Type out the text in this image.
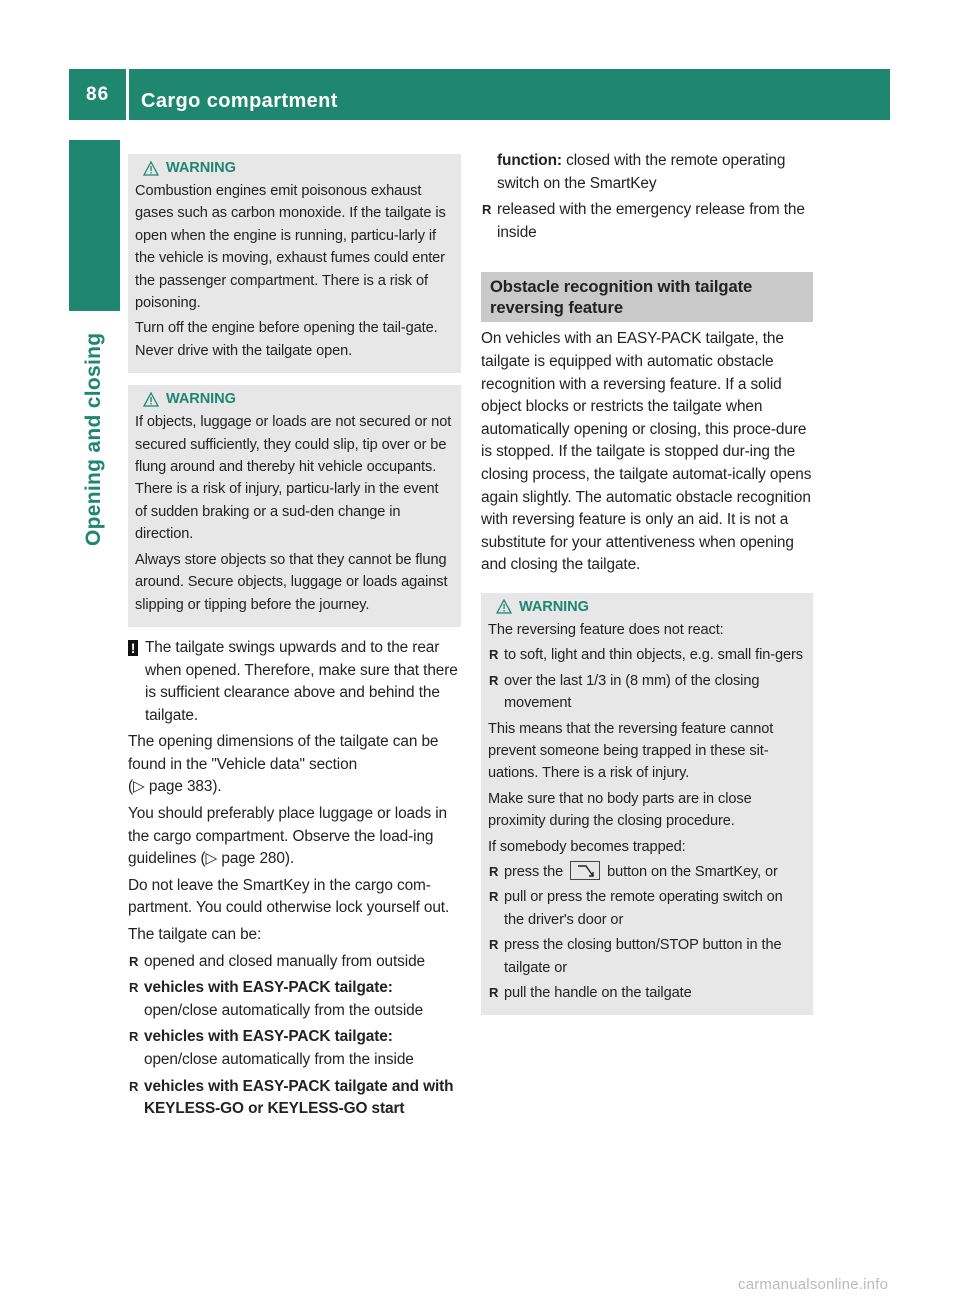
86	Cargo compartment
Opening and closing
WARNING

Combustion engines emit poisonous exhaust gases such as carbon monoxide. If the tailgate is open when the engine is running, particu-larly if the vehicle is moving, exhaust fumes could enter the passenger compartment. There is a risk of poisoning.

Turn off the engine before opening the tail-gate. Never drive with the tailgate open.

WARNING

If objects, luggage or loads are not secured or not secured sufficiently, they could slip, tip over or be flung around and thereby hit vehicle occupants. There is a risk of injury, particu-larly in the event of sudden braking or a sud-den change in direction.

Always store objects so that they cannot be flung around. Secure objects, luggage or loads against slipping or tipping before the journey.

! The tailgate swings upwards and to the rear when opened. Therefore, make sure that there is sufficient clearance above and behind the tailgate.

The opening dimensions of the tailgate can be found in the "Vehicle data" section
(▷ page 383).

You should preferably place luggage or loads in the cargo compartment. Observe the load-ing guidelines (▷ page 280).

Do not leave the SmartKey in the cargo com-partment. You could otherwise lock yourself out.

The tailgate can be:

R opened and closed manually from outside
R vehicles with EASY-PACK tailgate:
open/close automatically from the outside
R vehicles with EASY-PACK tailgate:
open/close automatically from the inside
R vehicles with EASY-PACK tailgate and with KEYLESS-GO or KEYLESS-GO start

function: closed with the remote operating switch on the SmartKey

R released with the emergency release from the inside
Obstacle recognition with tailgate reversing feature

On vehicles with an EASY-PACK tailgate, the tailgate is equipped with automatic obstacle recognition with a reversing feature. If a solid object blocks or restricts the tailgate when automatically opening or closing, this proce-dure is stopped. If the tailgate is stopped dur-ing the closing process, the tailgate automat-ically opens again slightly. The automatic obstacle recognition with reversing feature is only an aid. It is not a substitute for your attentiveness when opening and closing the tailgate.

WARNING

The reversing feature does not react:

R to soft, light and thin objects, e.g. small fin-gers
R over the last 1/3 in (8 mm) of the closing movement

This means that the reversing feature cannot prevent someone being trapped in these sit-uations. There is a risk of injury.

Make sure that no body parts are in close proximity during the closing procedure.

If somebody becomes trapped:

R press the	button on the SmartKey, or
R pull or press the remote operating switch on the driver's door or
R press the closing button/STOP button in the tailgate or
R pull the handle on the tailgate
carmanualsonline.info
